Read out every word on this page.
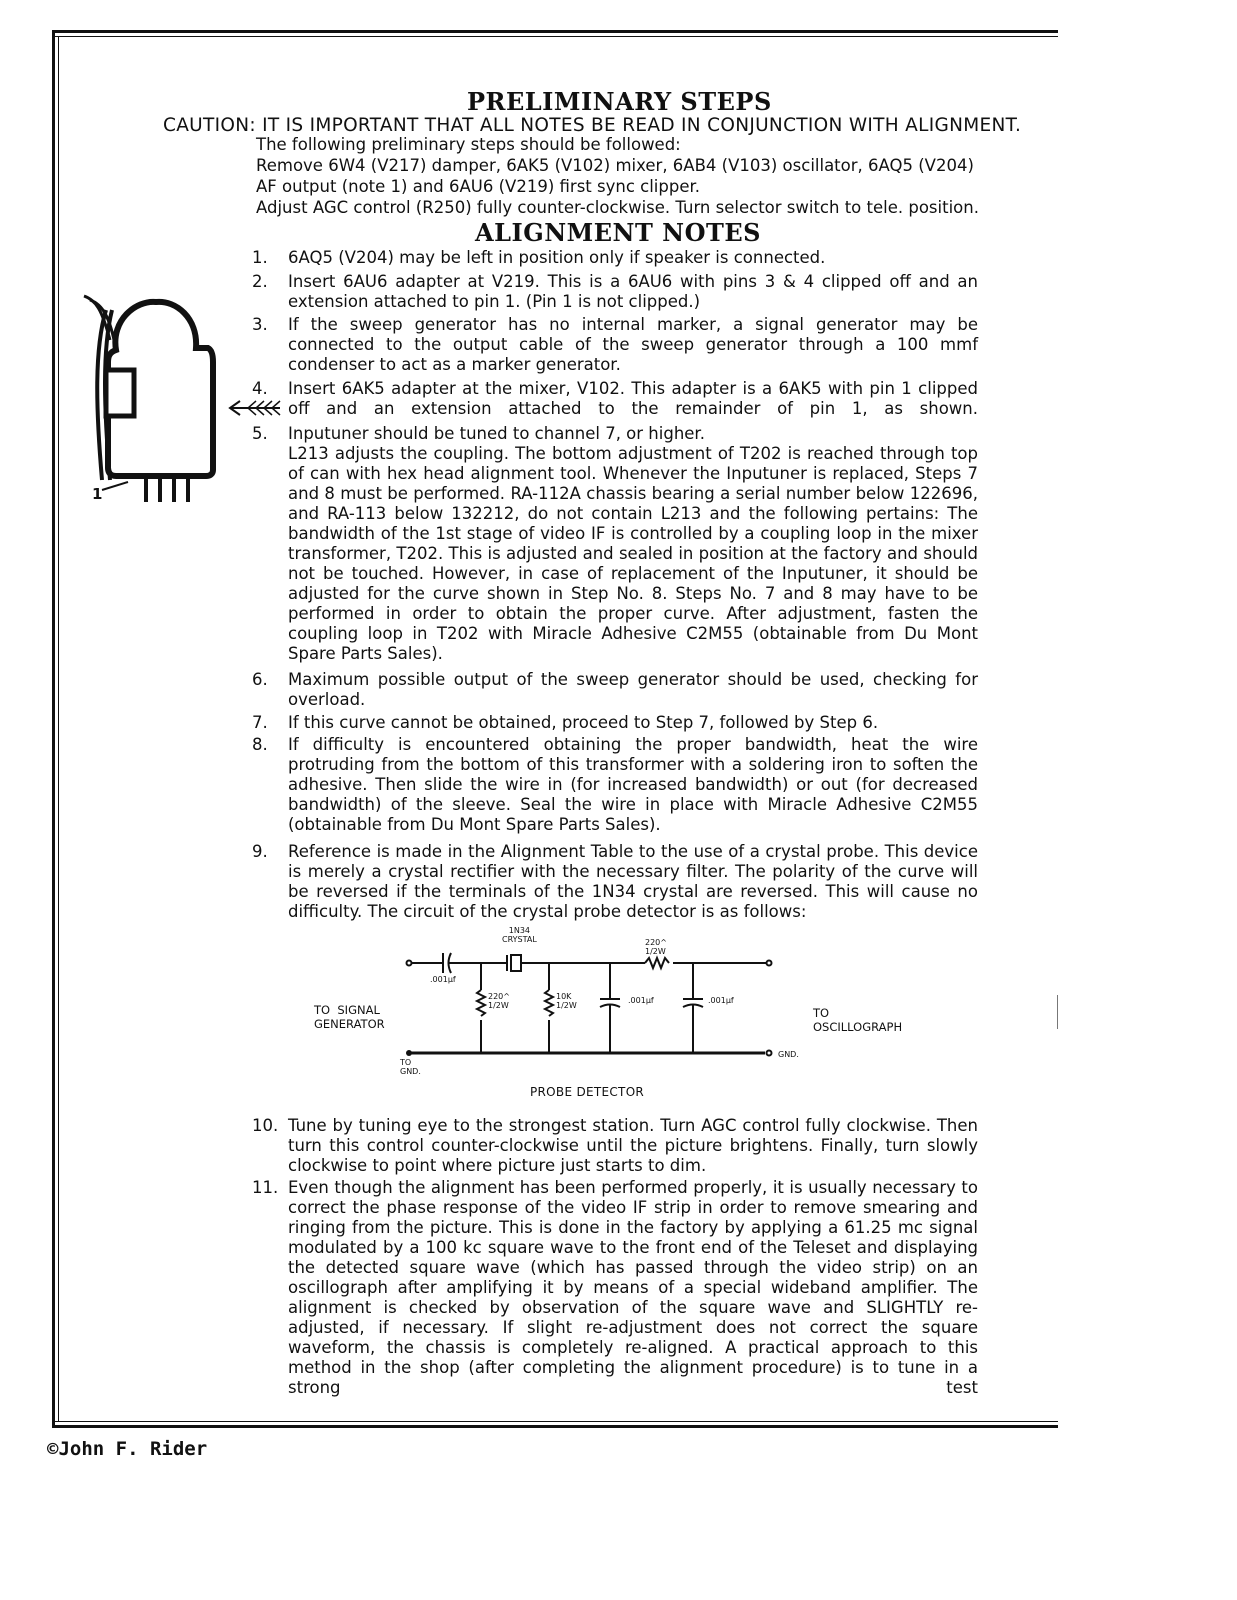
PRELIMINARY STEPS
CAUTION: IT IS IMPORTANT THAT ALL NOTES BE READ IN CONJUNCTION WITH ALIGNMENT.
The following preliminary steps should be followed:
Remove 6W4 (V217) damper, 6AK5 (V102) mixer, 6AB4 (V103) oscillator, 6AQ5 (V204)
AF output (note 1) and 6AU6 (V219) first sync clipper.
Adjust AGC control (R250) fully counter-clockwise. Turn selector switch to tele. position.
ALIGNMENT NOTES
1.	6AQ5 (V204) may be left in position only if speaker is connected.
2.	Insert 6AU6 adapter at V219. This is a 6AU6 with pins 3 & 4 clipped off and an extension attached to pin 1. (Pin 1 is not clipped.)
3.	If the sweep generator has no internal marker, a signal generator may be connected to the output cable of the sweep generator through a 100 mmf condenser to act as a marker generator.
4.	Insert 6AK5 adapter at the mixer, V102. This adapter is a 6AK5 with pin 1 clipped off and an extension attached to the remainder of pin 1, as shown.
5.	Inputuner should be tuned to channel 7, or higher.
L213 adjusts the coupling. The bottom adjustment of T202 is reached through top of can with hex head alignment tool. Whenever the Inputuner is replaced, Steps 7 and 8 must be performed. RA-112A chassis bearing a serial number below 122696, and RA-113 below 132212, do not contain L213 and the following pertains: The bandwidth of the 1st stage of video IF is controlled by a coupling loop in the mixer transformer, T202. This is adjusted and sealed in position at the factory and should not be touched. However, in case of replacement of the Inputuner, it should be adjusted for the curve shown in Step No. 8. Steps No. 7 and 8 may have to be performed in order to obtain the proper curve. After adjustment, fasten the coupling loop in T202 with Miracle Adhesive C2M55 (obtainable from Du Mont Spare Parts Sales).
6.	Maximum possible output of the sweep generator should be used, checking for overload.
7.	If this curve cannot be obtained, proceed to Step 7, followed by Step 6.
8.	If difficulty is encountered obtaining the proper bandwidth, heat the wire protruding from the bottom of this transformer with a soldering iron to soften the adhesive. Then slide the wire in (for increased bandwidth) or out (for decreased bandwidth) of the sleeve. Seal the wire in place with Miracle Adhesive C2M55 (obtainable from Du Mont Spare Parts Sales).
9.	Reference is made in the Alignment Table to the use of a crystal probe. This device is merely a crystal rectifier with the necessary filter. The polarity of the curve will be reversed if the terminals of the 1N34 crystal are reversed. This will cause no difficulty. The circuit of the crystal probe detector is as follows:
10. Tune by tuning eye to the strongest station. Turn AGC control fully clockwise. Then turn this control counter-clockwise until the picture brightens. Finally, turn slowly clockwise to point where picture just starts to dim.
11. Even though the alignment has been performed properly, it is usually necessary to correct the phase response of the video IF strip in order to remove smearing and ringing from the picture. This is done in the factory by applying a 61.25 mc signal modulated by a 100 kc square wave to the front end of the Teleset and displaying the detected square wave (which has passed through the video strip) on an oscillograph after amplifying it by means of a special wideband amplifier. The alignment is checked by observation of the square wave and SLIGHTLY re-adjusted, if necessary. If slight re-adjustment does not correct the square waveform, the chassis is completely re-aligned. A practical approach to this method in the shop (after completing the alignment procedure) is to tune in a strong test
1
1N34
CRYSTAL
.001μf
220^
1/2W
10K
1/2W
.001μf	.001μf
220^
1/2W
TO  SIGNAL
GENERATOR
TO
OSCILLOGRAPH
TO
GND.
GND.
PROBE DETECTOR
©John F. Rider
